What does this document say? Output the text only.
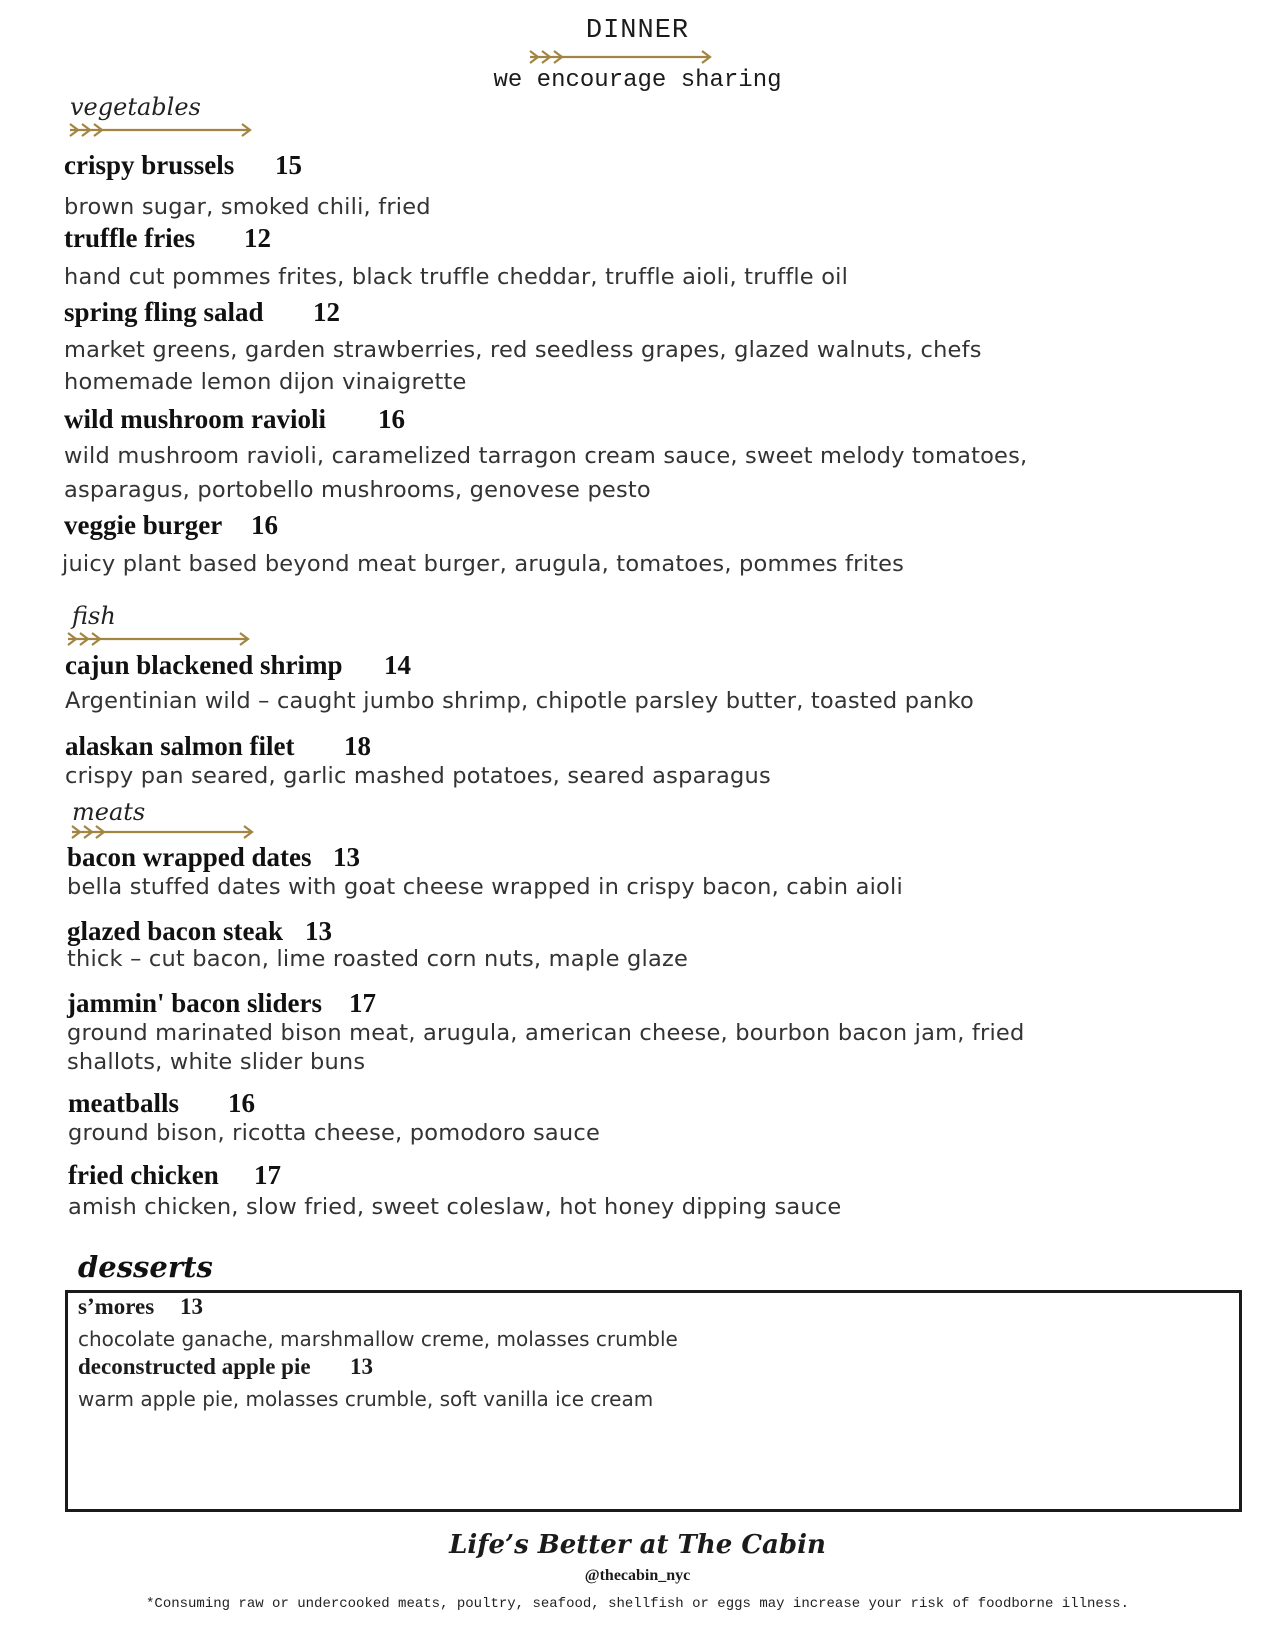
DINNER
we encourage sharing
vegetables
crispy brussels 15
brown sugar, smoked chili, fried
truffle fries 12
hand cut pommes frites, black truffle cheddar, truffle aioli, truffle oil
spring fling salad 12
market greens, garden strawberries, red seedless grapes, glazed walnuts, chefs
homemade lemon dijon vinaigrette
wild mushroom ravioli 16
wild mushroom ravioli, caramelized tarragon cream sauce, sweet melody tomatoes,
asparagus, portobello mushrooms, genovese pesto
veggie burger 16
juicy plant based beyond meat burger, arugula, tomatoes, pommes frites
fish
cajun blackened shrimp 14
Argentinian wild – caught jumbo shrimp, chipotle parsley butter, toasted panko
alaskan salmon filet 18
crispy pan seared, garlic mashed potatoes, seared asparagus
meats
bacon wrapped dates 13
bella stuffed dates with goat cheese wrapped in crispy bacon, cabin aioli
glazed bacon steak 13
thick – cut bacon, lime roasted corn nuts, maple glaze
jammin' bacon sliders 17
ground marinated bison meat, arugula, american cheese, bourbon bacon jam, fried
shallots, white slider buns
meatballs 16
ground bison, ricotta cheese, pomodoro sauce
fried chicken 17
amish chicken, slow fried, sweet coleslaw, hot honey dipping sauce
desserts
s’mores 13
chocolate ganache, marshmallow creme, molasses crumble
deconstructed apple pie 13
warm apple pie, molasses crumble, soft vanilla ice cream
Life’s Better at The Cabin
@thecabin_nyc
*Consuming raw or undercooked meats, poultry, seafood, shellfish or eggs may increase your risk of foodborne illness.
